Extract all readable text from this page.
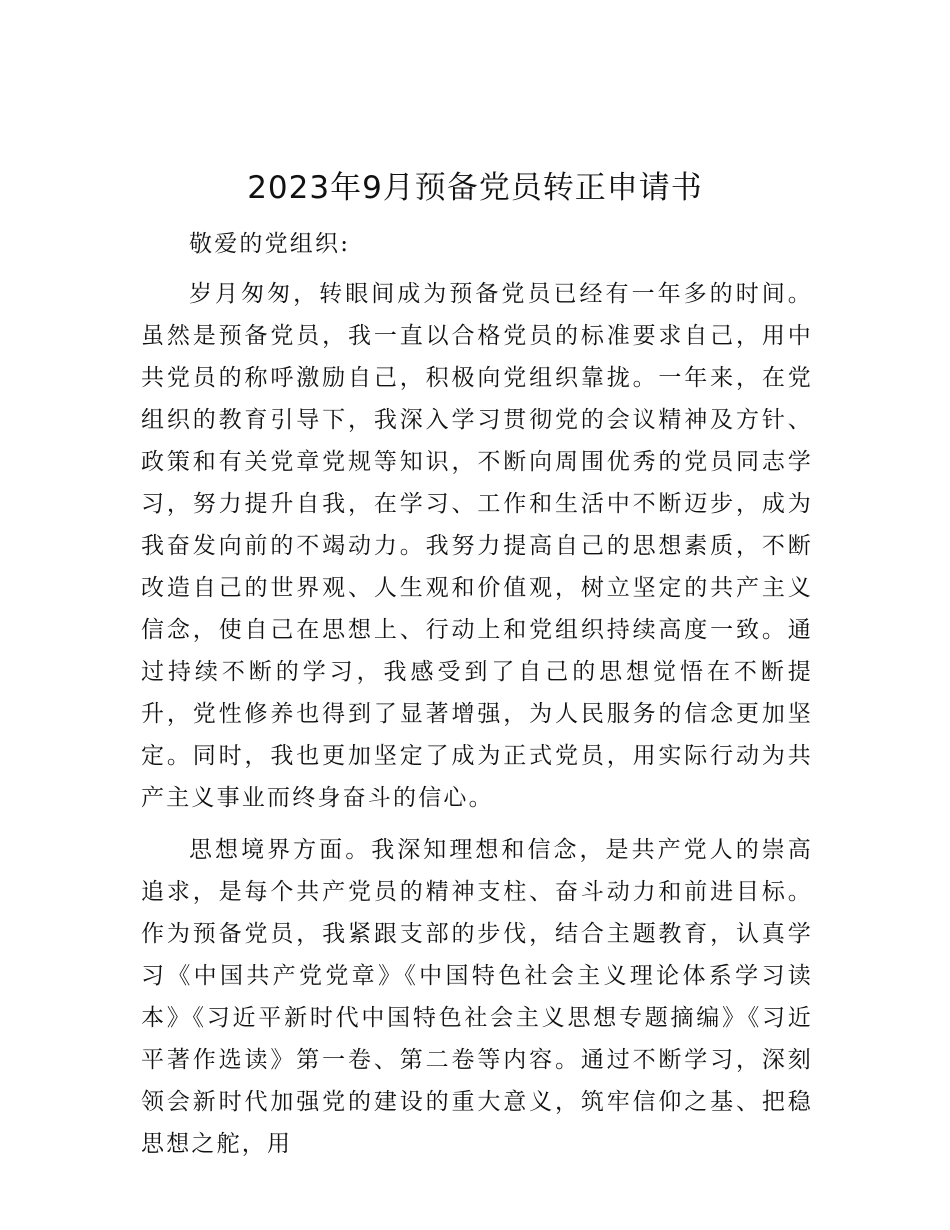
2023年9月预备党员转正申请书

敬爱的党组织:

岁月匆匆，转眼间成为预备党员已经有一年多的时间。虽然是预备党员，我一直以合格党员的标准要求自己，用中共党员的称呼激励自己，积极向党组织靠拢。一年来，在党组织的教育引导下，我深入学习贯彻党的会议精神及方针、政策和有关党章党规等知识，不断向周围优秀的党员同志学习，努力提升自我，在学习、工作和生活中不断迈步，成为我奋发向前的不竭动力。我努力提高自己的思想素质，不断改造自己的世界观、人生观和价值观，树立坚定的共产主义信念，使自己在思想上、行动上和党组织持续高度一致。通过持续不断的学习，我感受到了自己的思想觉悟在不断提升，党性修养也得到了显著增强，为人民服务的信念更加坚定。同时，我也更加坚定了成为正式党员，用实际行动为共产主义事业而终身奋斗的信心。

思想境界方面。我深知理想和信念，是共产党人的崇高追求，是每个共产党员的精神支柱、奋斗动力和前进目标。作为预备党员，我紧跟支部的步伐，结合主题教育，认真学习《中国共产党党章》《中国特色社会主义理论体系学习读本》《习近平新时代中国特色社会主义思想专题摘编》《习近平著作选读》第一卷、第二卷等内容。通过不断学习，深刻领会新时代加强党的建设的重大意义，筑牢信仰之基、把稳思想之舵，用
